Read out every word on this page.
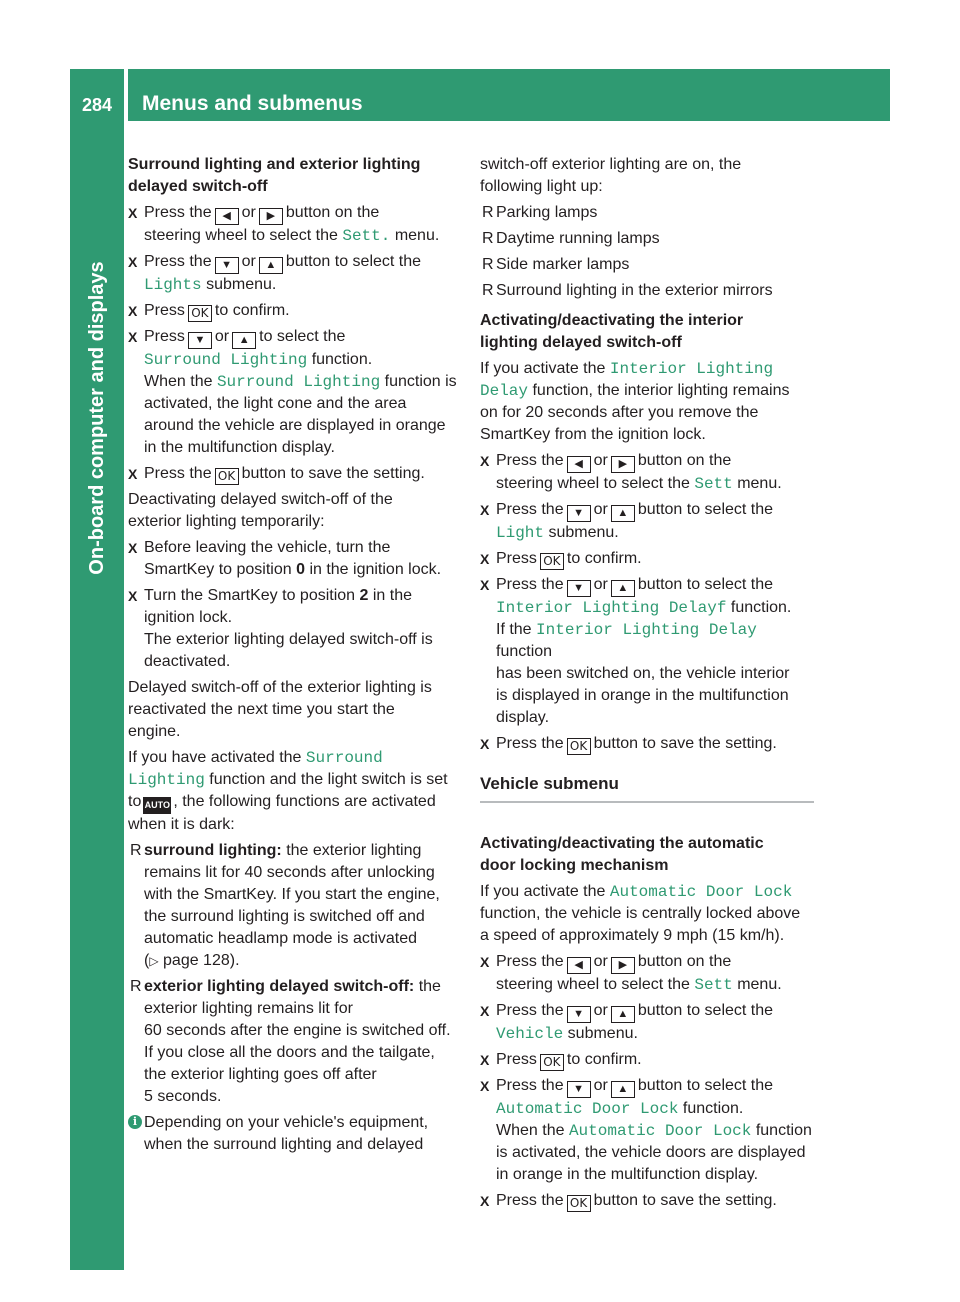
284	Menus and submenus
On-board computer and displays
Surround lighting and exterior lighting
delayed switch-off
X Press the ◀ or ▶ button on the
steering wheel to select the Sett. menu.
X Press the ▼ or ▲ button to select the
Lights submenu.
X Press OK to confirm.
X Press ▼ or ▲ to select the
Surround Lighting function.
When the Surround Lighting function is
activated, the light cone and the area
around the vehicle are displayed in orange
in the multifunction display.
X Press the OK button to save the setting.
Deactivating delayed switch-off of the
exterior lighting temporarily:
X Before leaving the vehicle, turn the
SmartKey to position 0 in the ignition lock.
X Turn the SmartKey to position 2 in the
ignition lock.
The exterior lighting delayed switch-off is
deactivated.
Delayed switch-off of the exterior lighting is
reactivated the next time you start the
engine.
If you have activated the Surround
Lighting function and the light switch is set
to AUTO , the following functions are activated
when it is dark:
R surround lighting: the exterior lighting
remains lit for 40 seconds after unlocking
with the SmartKey. If you start the engine,
the surround lighting is switched off and
automatic headlamp mode is activated
(▷ page 128).
R exterior lighting delayed switch-off: the
exterior lighting remains lit for
60 seconds after the engine is switched off.
If you close all the doors and the tailgate,
the exterior lighting goes off after
5 seconds.
i Depending on your vehicle's equipment,
when the surround lighting and delayed
switch-off exterior lighting are on, the
following light up:
R Parking lamps
R Daytime running lamps
R Side marker lamps
R Surround lighting in the exterior mirrors
Activating/deactivating the interior
lighting delayed switch-off
If you activate the Interior Lighting
Delay function, the interior lighting remains
on for 20 seconds after you remove the
SmartKey from the ignition lock.
X Press the ◀ or ▶ button on the
steering wheel to select the Sett menu.
X Press the ▼ or ▲ button to select the
Light submenu.
X Press OK to confirm.
X Press the ▼ or ▲ button to select the
Interior Lighting Delayf function.
If the Interior Lighting Delay function
has been switched on, the vehicle interior
is displayed in orange in the multifunction
display.
X Press the OK button to save the setting.
Vehicle submenu
Activating/deactivating the automatic
door locking mechanism
If you activate the Automatic Door Lock
function, the vehicle is centrally locked above
a speed of approximately 9 mph (15 km/h).
X Press the ◀ or ▶ button on the
steering wheel to select the Sett menu.
X Press the ▼ or ▲ button to select the
Vehicle submenu.
X Press OK to confirm.
X Press the ▼ or ▲ button to select the
Automatic Door Lock function.
When the Automatic Door Lock function
is activated, the vehicle doors are displayed
in orange in the multifunction display.
X Press the OK button to save the setting.
